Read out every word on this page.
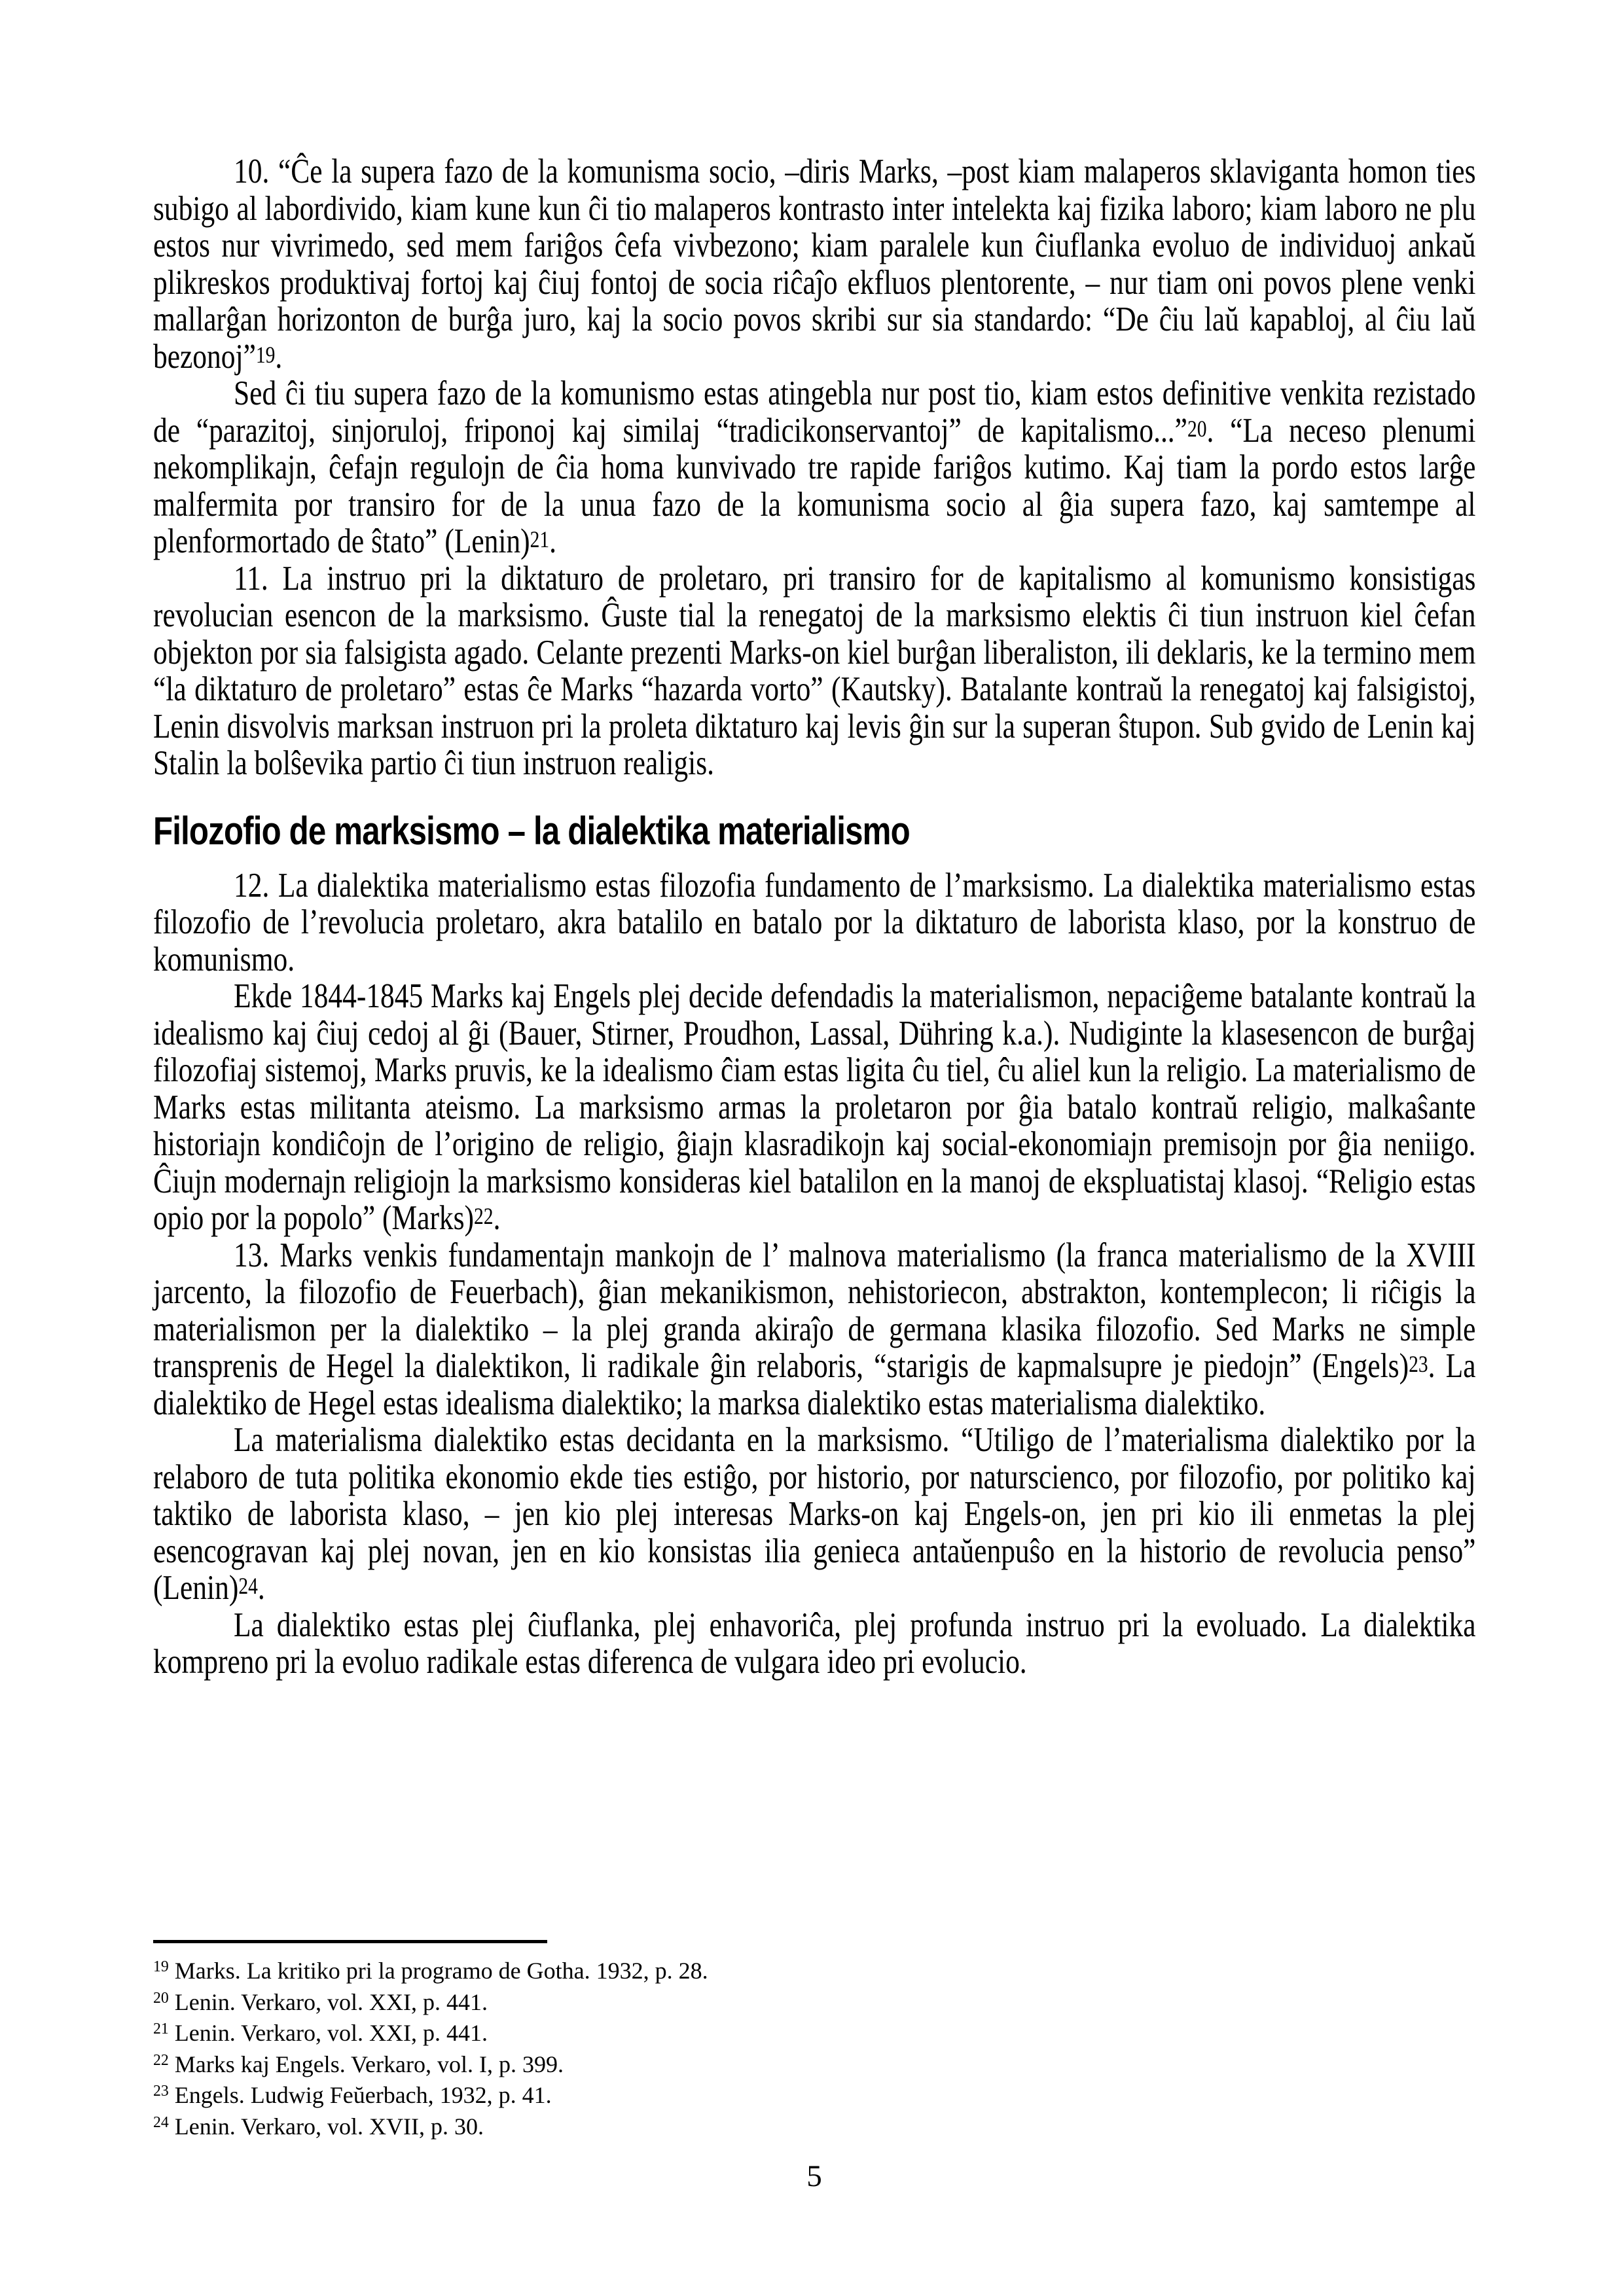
10. “Ĉe la supera fazo de la komunisma socio, –diris Marks, –post kiam malaperos sklaviganta homon ties subigo al labordivido, kiam kune kun ĉi tio malaperos kontrasto inter intelekta kaj fizika laboro; kiam laboro ne plu estos nur vivrimedo, sed mem fariĝos ĉefa vivbezono; kiam paralele kun ĉiuflanka evoluo de individuoj ankaŭ plikreskos produktivaj fortoj kaj ĉiuj fontoj de socia riĉaĵo ekfluos plentorente, – nur tiam oni povos plene venki mallarĝan horizonton de burĝa juro, kaj la socio povos skribi sur sia standardo: “De ĉiu laŭ kapabloj, al ĉiu laŭ bezonoj”19.

Sed ĉi tiu supera fazo de la komunismo estas atingebla nur post tio, kiam estos definitive venkita rezistado de “parazitoj, sinjoruloj, friponoj kaj similaj “tradicikonservantoj” de kapitalismo...”20. “La neceso plenumi nekomplikajn, ĉefajn regulojn de ĉia homa kunvivado tre rapide fariĝos kutimo. Kaj tiam la pordo estos larĝe malfermita por transiro for de la unua fazo de la komunisma socio al ĝia supera fazo, kaj samtempe al plenformortado de ŝtato” (Lenin)21.

11. La instruo pri la diktaturo de proletaro, pri transiro for de kapitalismo al komunismo konsistigas revolucian esencon de la marksismo. Ĝuste tial la renegatoj de la marksismo elektis ĉi tiun instruon kiel ĉefan objekton por sia falsigista agado. Celante prezenti Marks-on kiel burĝan liberaliston, ili deklaris, ke la termino mem “la diktaturo de proletaro” estas ĉe Marks “hazarda vorto” (Kautsky). Batalante kontraŭ la renegatoj kaj falsigistoj, Lenin disvolvis marksan instruon pri la proleta diktaturo kaj levis ĝin sur la superan ŝtupon. Sub gvido de Lenin kaj Stalin la bolŝevika partio ĉi tiun instruon realigis.

Filozofio de marksismo – la dialektika materialismo

12. La dialektika materialismo estas filozofia fundamento de l’marksismo. La dialektika materialismo estas filozofio de l’revolucia proletaro, akra batalilo en batalo por la diktaturo de laborista klaso, por la konstruo de komunismo.

Ekde 1844-1845 Marks kaj Engels plej decide defendadis la materialismon, nepaciĝeme batalante kontraŭ la idealismo kaj ĉiuj cedoj al ĝi (Bauer, Stirner, Proudhon, Lassal, Dühring k.a.). Nudiginte la klasesencon de burĝaj filozofiaj sistemoj, Marks pruvis, ke la idealismo ĉiam estas ligita ĉu tiel, ĉu aliel kun la religio. La materialismo de Marks estas militanta ateismo. La marksismo armas la proletaron por ĝia batalo kontraŭ religio, malkaŝante historiajn kondiĉojn de l’origino de religio, ĝiajn klasradikojn kaj social-ekonomiajn premisojn por ĝia neniigo. Ĉiujn modernajn religiojn la marksismo konsideras kiel batalilon en la manoj de ekspluatistaj klasoj. “Religio estas opio por la popolo” (Marks)22.

13. Marks venkis fundamentajn mankojn de l’ malnova materialismo (la franca materialismo de la XVIII jarcento, la filozofio de Feuerbach), ĝian mekanikismon, nehistoriecon, abstrakton, kontemplecon; li riĉigis la materialismon per la dialektiko – la plej granda akiraĵo de germana klasika filozofio. Sed Marks ne simple transprenis de Hegel la dialektikon, li radikale ĝin relaboris, “starigis de kapmalsupre je piedojn” (Engels)23. La dialektiko de Hegel estas idealisma dialektiko; la marksa dialektiko estas materialisma dialektiko.

La materialisma dialektiko estas decidanta en la marksismo. “Utiligo de l’materialisma dialektiko por la relaboro de tuta politika ekonomio ekde ties estiĝo, por historio, por naturscienco, por filozofio, por politiko kaj taktiko de laborista klaso, – jen kio plej interesas Marks-on kaj Engels-on, jen pri kio ili enmetas la plej esencogravan kaj plej novan, jen en kio konsistas ilia genieca antaŭenpuŝo en la historio de revolucia penso” (Lenin)24.

La dialektiko estas plej ĉiuflanka, plej enhavoriĉa, plej profunda instruo pri la evoluado. La dialektika kompreno pri la evoluo radikale estas diferenca de vulgara ideo pri evolucio.

$^{19}$ Marks. La kritiko pri la programo de Gotha. 1932, p. 28.
$^{20}$ Lenin. Verkaro, vol. XXI, p. 441.
$^{21}$ Lenin. Verkaro, vol. XXI, p. 441.
$^{22}$ Marks kaj Engels. Verkaro, vol. I, p. 399.
$^{23}$ Engels. Ludwig Feŭerbach, 1932, p. 41.
$^{24}$ Lenin. Verkaro, vol. XVII, p. 30.
5
